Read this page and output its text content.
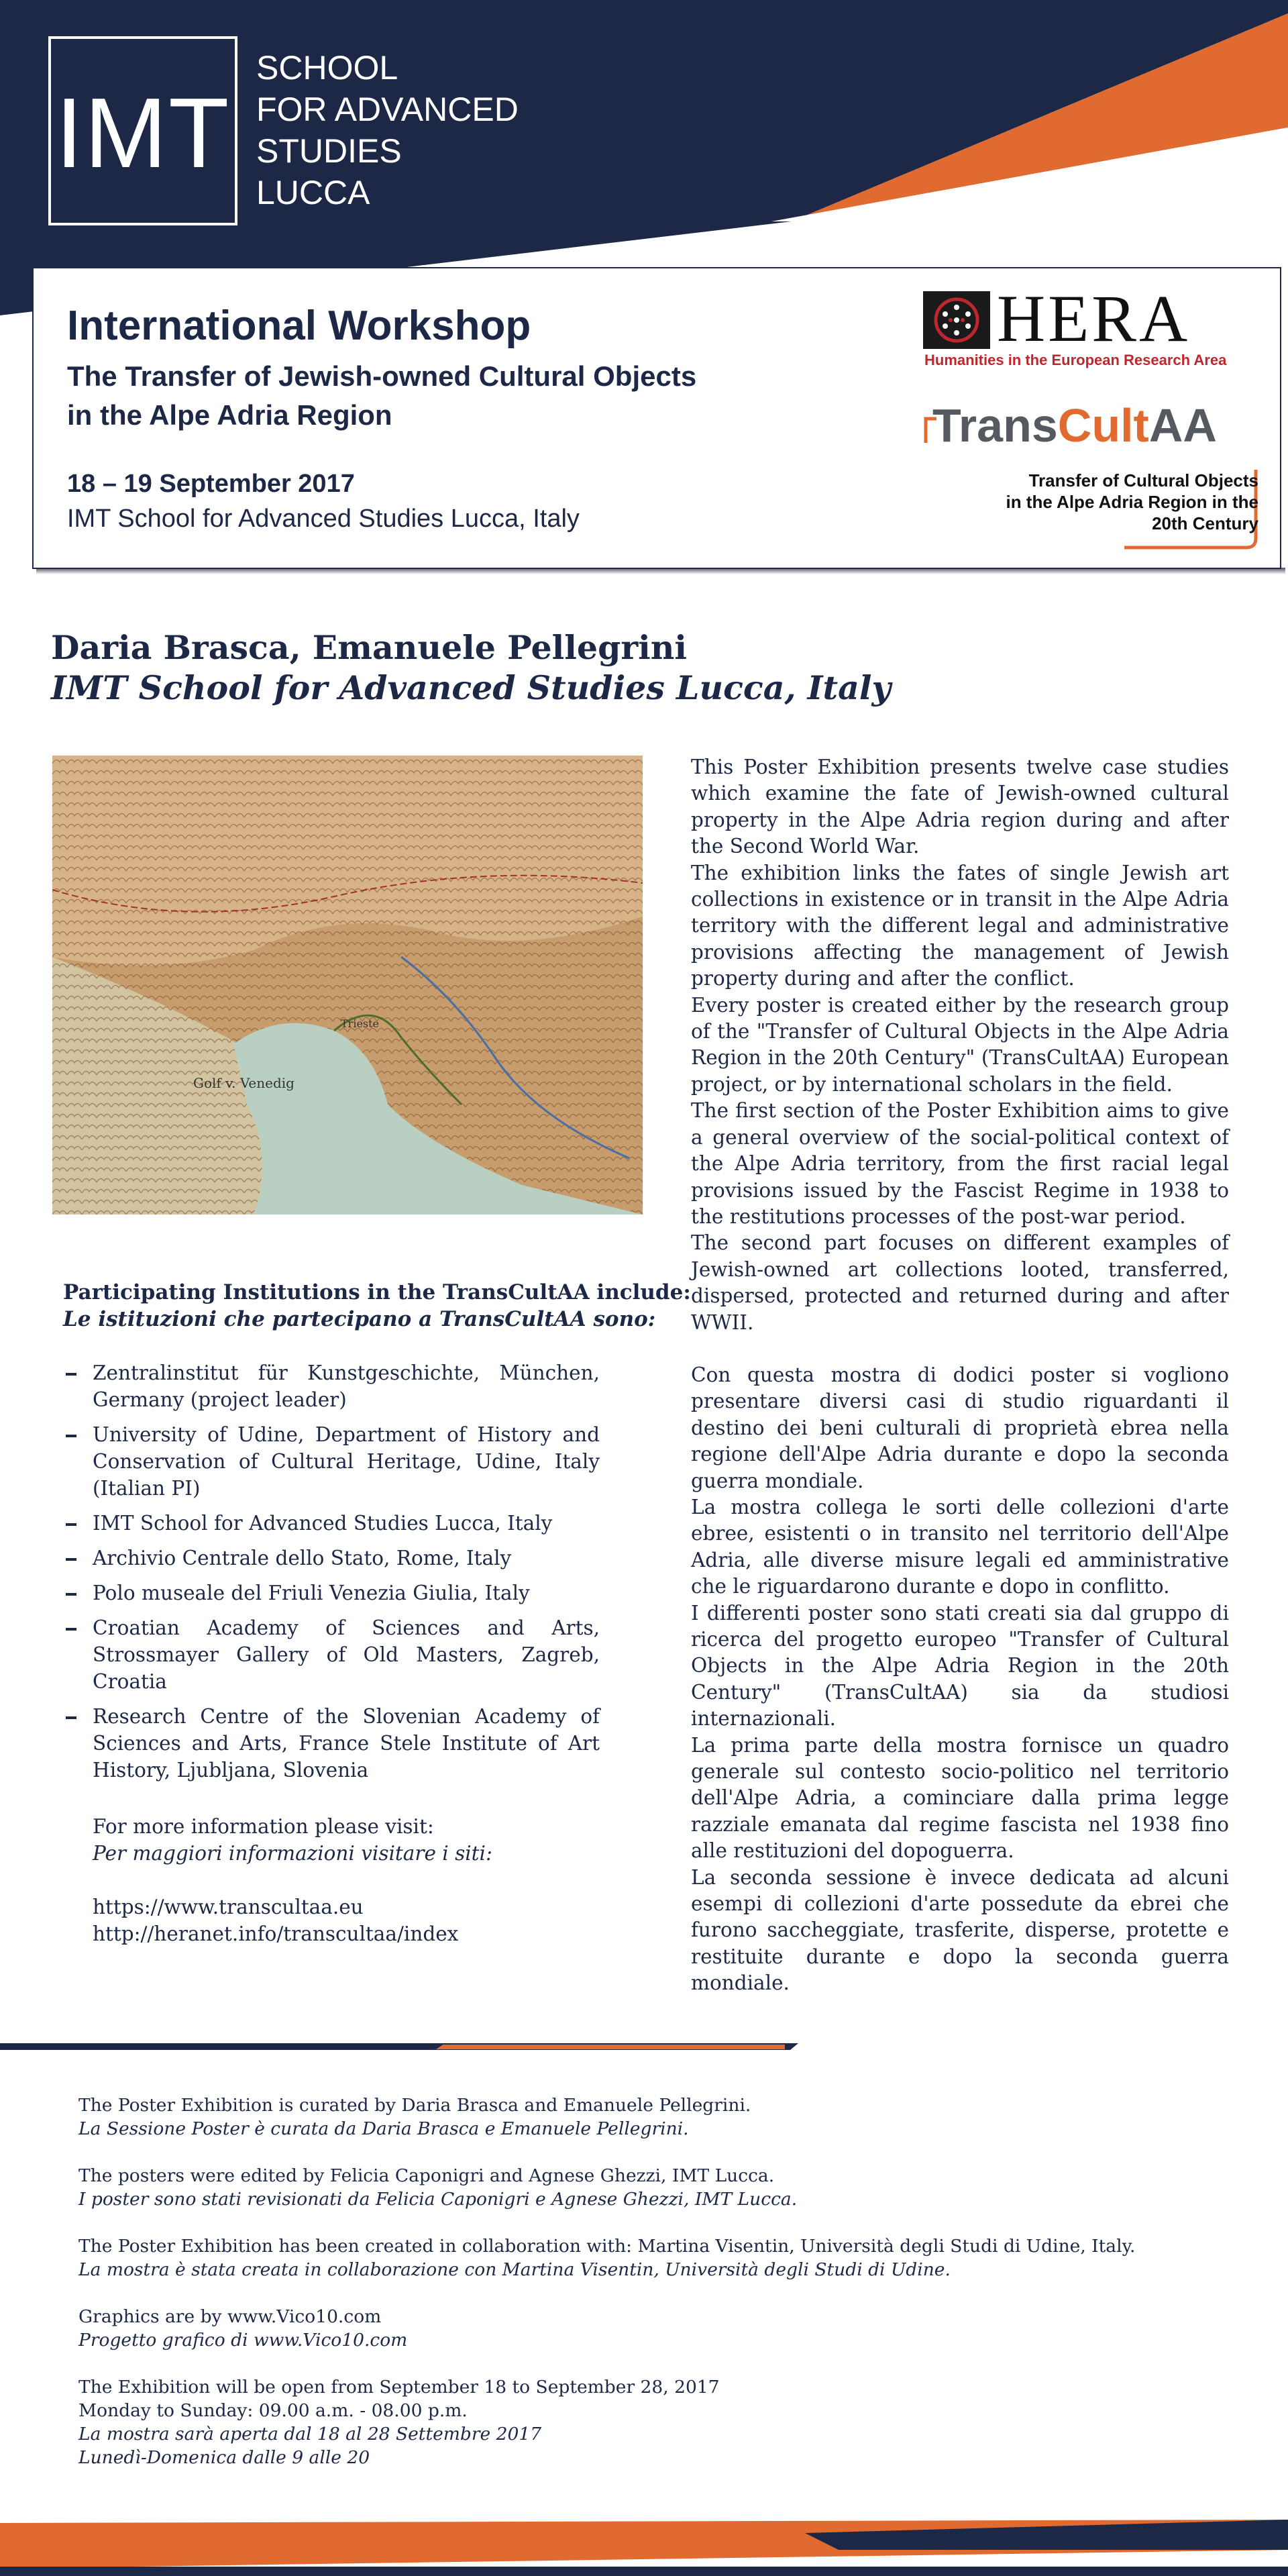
IMT
SCHOOL
FOR ADVANCED
STUDIES
LUCCA
International Workshop
The Transfer of Jewish-owned Cultural Objects
in the Alpe Adria Region
18 – 19 September 2017
IMT School for Advanced Studies Lucca, Italy
HERA
Humanities in the European Research Area
TransCultAA
Transfer of Cultural Objects
in the Alpe Adria Region in the
20th Century
Daria Brasca, Emanuele Pellegrini
IMT School for Advanced Studies Lucca, Italy
Golf v. Venedig
Trieste

This Poster Exhibition presents twelve case studies which examine the fate of Jewish-owned cultural property in the Alpe Adria region during and after the Second World War.

The exhibition links the fates of single Jewish art collections in existence or in transit in the Alpe Adria territory with the different legal and administrative provisions affecting the management of Jewish property during and after the conflict.

Every poster is created either by the research group of the "Transfer of Cultural Objects in the Alpe Adria Region in the 20th Century" (TransCultAA) European project, or by international scholars in the field.

The first section of the Poster Exhibition aims to give a general overview of the social-political context of the Alpe Adria territory, from the first racial legal provisions issued by the Fascist Regime in 1938 to the restitutions processes of the post-war period.

The second part focuses on different examples of Jewish-owned art collections looted, transferred, dispersed, protected and returned during and after WWII.

Con questa mostra di dodici poster si vogliono presentare diversi casi di studio riguardanti il destino dei beni culturali di proprietà ebrea nella regione dell'Alpe Adria durante e dopo la seconda guerra mondiale.

La mostra collega le sorti delle collezioni d'arte ebree, esistenti o in transito nel territorio dell'Alpe Adria, alle diverse misure legali ed amministrative che le riguardarono durante e dopo in conflitto.

I differenti poster sono stati creati sia dal gruppo di ricerca del progetto europeo "Transfer of Cultural Objects in the Alpe Adria Region in the 20th Century" (TransCultAA) sia da studiosi internazionali.

La prima parte della mostra fornisce un quadro generale sul contesto socio-politico nel territorio dell'Alpe Adria, a cominciare dalla prima legge razziale emanata dal regime fascista nel 1938 fino alle restituzioni del dopoguerra.

La seconda sessione è invece dedicata ad alcuni esempi di collezioni d'arte possedute da ebrei che furono saccheggiate, trasferite, disperse, protette e restituite durante e dopo la seconda guerra mondiale.

Participating Institutions in the TransCultAA include:
Le istituzioni che partecipano a TransCultAA sono:
Zentralinstitut für Kunstgeschichte, München, Germany (project leader)
University of Udine, Department of History and Conservation of Cultural Heritage, Udine, Italy (Italian PI)
IMT School for Advanced Studies Lucca, Italy
Archivio Centrale dello Stato, Rome, Italy
Polo museale del Friuli Venezia Giulia, Italy
Croatian Academy of Sciences and Arts, Strossmayer Gallery of Old Masters, Zagreb, Croatia
Research Centre of the Slovenian Academy of Sciences and Arts, France Stele Institute of Art History, Ljubljana, Slovenia
For more information please visit:
Per maggiori informazioni visitare i siti:
https://www.transcultaa.eu
http://heranet.info/transcultaa/index

The Poster Exhibition is curated by Daria Brasca and Emanuele Pellegrini.
La Sessione Poster è curata da Daria Brasca e Emanuele Pellegrini.

The posters were edited by Felicia Caponigri and Agnese Ghezzi, IMT Lucca.
I poster sono stati revisionati da Felicia Caponigri e Agnese Ghezzi, IMT Lucca.

The Poster Exhibition has been created in collaboration with: Martina Visentin, Università degli Studi di Udine, Italy.
La mostra è stata creata in collaborazione con Martina Visentin, Università degli Studi di Udine.

Graphics are by www.Vico10.com
Progetto grafico di www.Vico10.com

The Exhibition will be open from September 18 to September 28, 2017
Monday to Sunday: 09.00 a.m. - 08.00 p.m.
La mostra sarà aperta dal 18 al 28 Settembre 2017
Lunedì-Domenica dalle 9 alle 20
